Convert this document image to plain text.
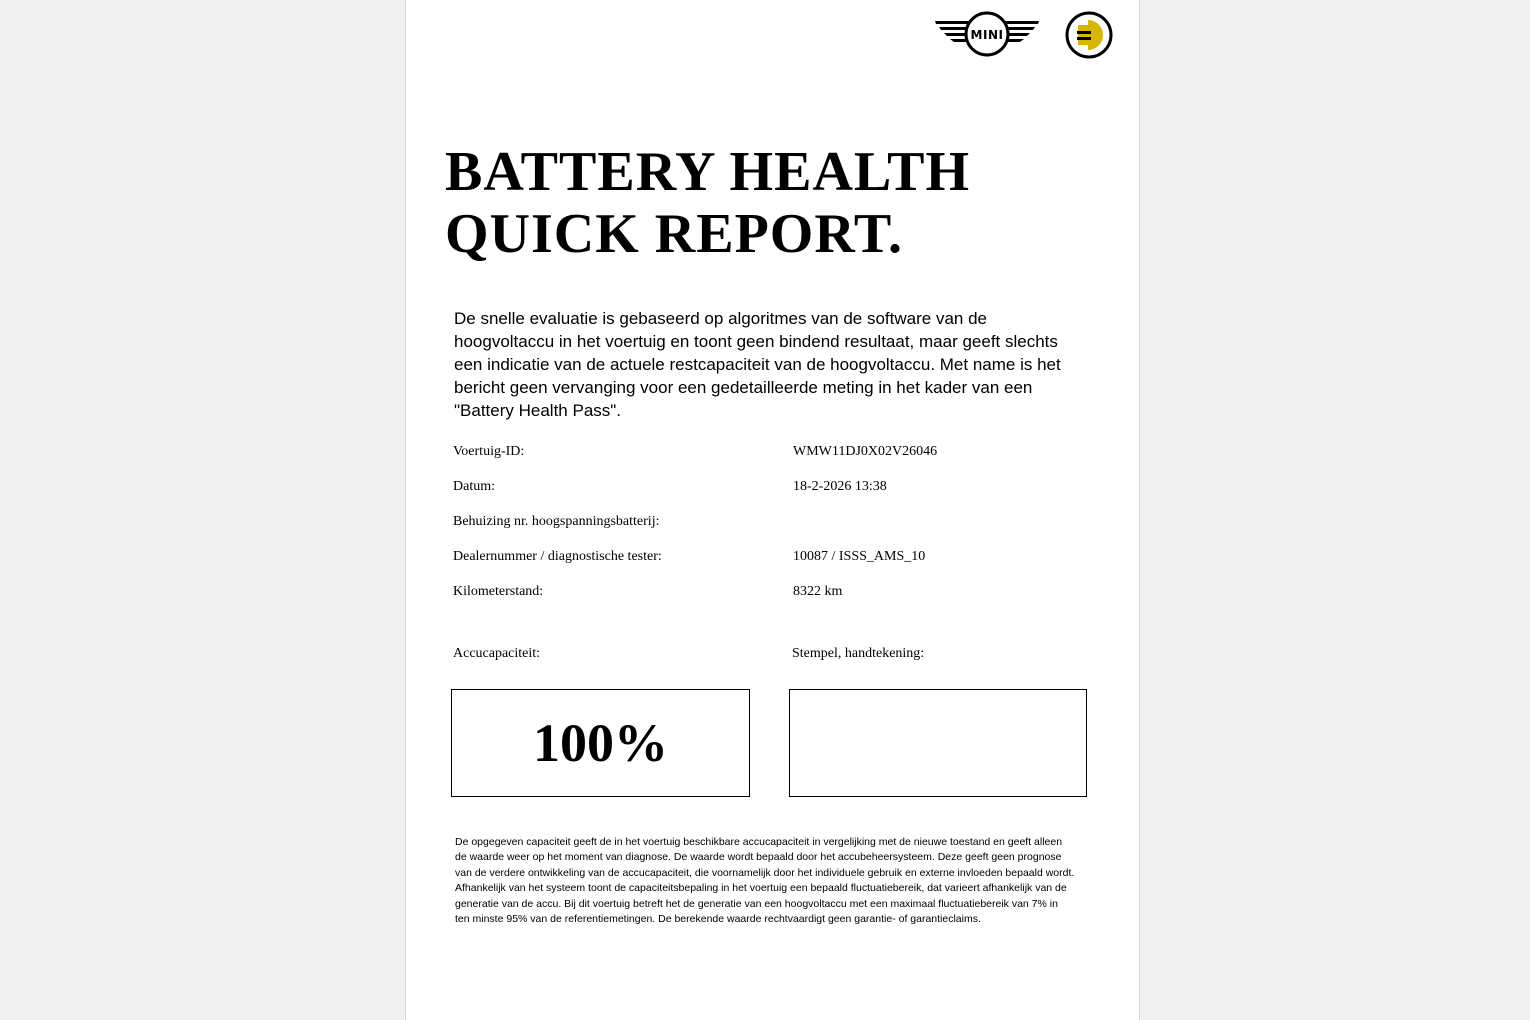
MINI
BATTERY HEALTH
QUICK REPORT.

De snelle evaluatie is gebaseerd op algoritmes van de software van de hoogvoltaccu in het voertuig en toont geen bindend resultaat, maar geeft slechts een indicatie van de actuele restcapaciteit van de hoogvoltaccu. Met name is het bericht geen vervanging voor een gedetailleerde meting in het kader van een "Battery Health Pass".

Voertuig-ID:	WMW11DJ0X02V26046
Datum:	18-2-2026 13:38
Behuizing nr. hoogspanningsbatterij:
Dealernummer / diagnostische tester:	10087 / ISSS_AMS_10
Kilometerstand:	8322 km
Accucapaciteit:	Stempel, handtekening:
100%

De opgegeven capaciteit geeft de in het voertuig beschikbare accucapaciteit in vergelijking met de nieuwe toestand en geeft alleen de waarde weer op het moment van diagnose. De waarde wordt bepaald door het accubeheersysteem. Deze geeft geen prognose van de verdere ontwikkeling van de accucapaciteit, die voornamelijk door het individuele gebruik en externe invloeden bepaald wordt. Afhankelijk van het systeem toont de capaciteitsbepaling in het voertuig een bepaald fluctuatiebereik, dat varieert afhankelijk van de generatie van de accu. Bij dit voertuig betreft het de generatie van een hoogvoltaccu met een maximaal fluctuatiebereik van 7% in ten minste 95% van de referentiemetingen. De berekende waarde rechtvaardigt geen garantie- of garantieclaims.
